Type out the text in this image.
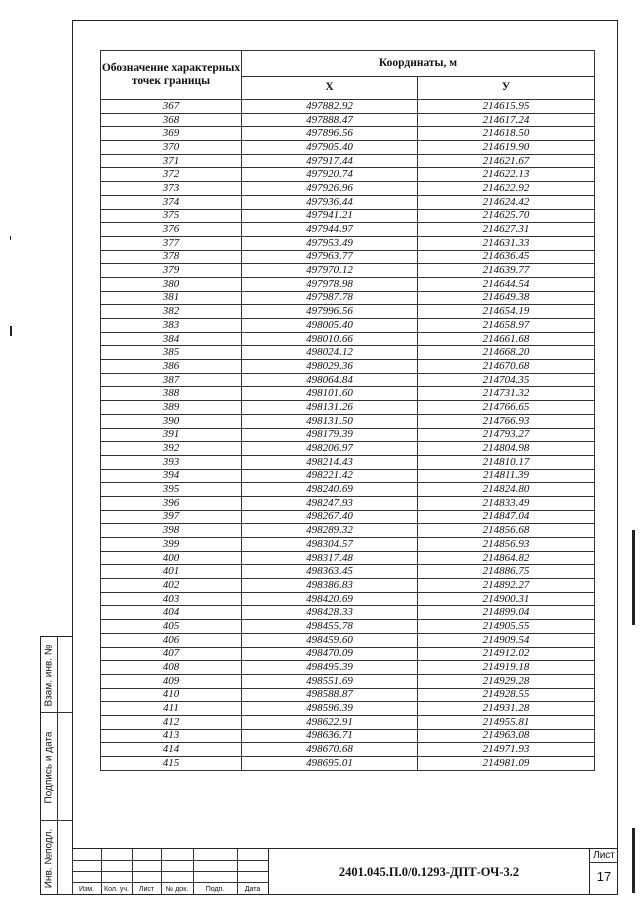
Обозначение характерных точек границы	Координаты, м	
	X	У
367	497882.92	214615.95
368	497888.47	214617.24
369	497896.56	214618.50
370	497905.40	214619.90
371	497917.44	214621.67
372	497920.74	214622.13
373	497926.96	214622.92
374	497936.44	214624.42
375	497941.21	214625.70
376	497944.97	214627.31
377	497953.49	214631.33
378	497963.77	214636.45
379	497970.12	214639.77
380	497978.98	214644.54
381	497987.78	214649.38
382	497996.56	214654.19
383	498005.40	214658.97
384	498010.66	214661.68
385	498024.12	214668.20
386	498029.36	214670.68
387	498064.84	214704.35
388	498101.60	214731.32
389	498131.26	214766.65
390	498131.50	214766.93
391	498179.39	214793.27
392	498206.97	214804.98
393	498214.43	214810.17
394	498221.42	214811.39
395	498240.69	214824.80
396	498247.93	214833.49
397	498267.40	214847.04
398	498289.32	214856.68
399	498304.57	214856.93
400	498317.48	214864.82
401	498363.45	214886.75
402	498386.83	214892.27
403	498420.69	214900.31
404	498428.33	214899.04
405	498455.78	214905.55
406	498459.60	214909.54
407	498470.09	214912.02
408	498495.39	214919.18
409	498551.69	214929.28
410	498588.87	214928.55
411	498596.39	214931.28
412	498622.91	214955.81
413	498636.71	214963.08
414	498670.68	214971.93
415	498695.01	214981.09
Взам. инв. №
Подпись и дата
Инв. №подл.
Изм.	Кол. уч.	Лист	№ док.	Подп.	Дата
2401.045.П.0/0.1293-ДПТ-ОЧ-3.2
Лист
17
